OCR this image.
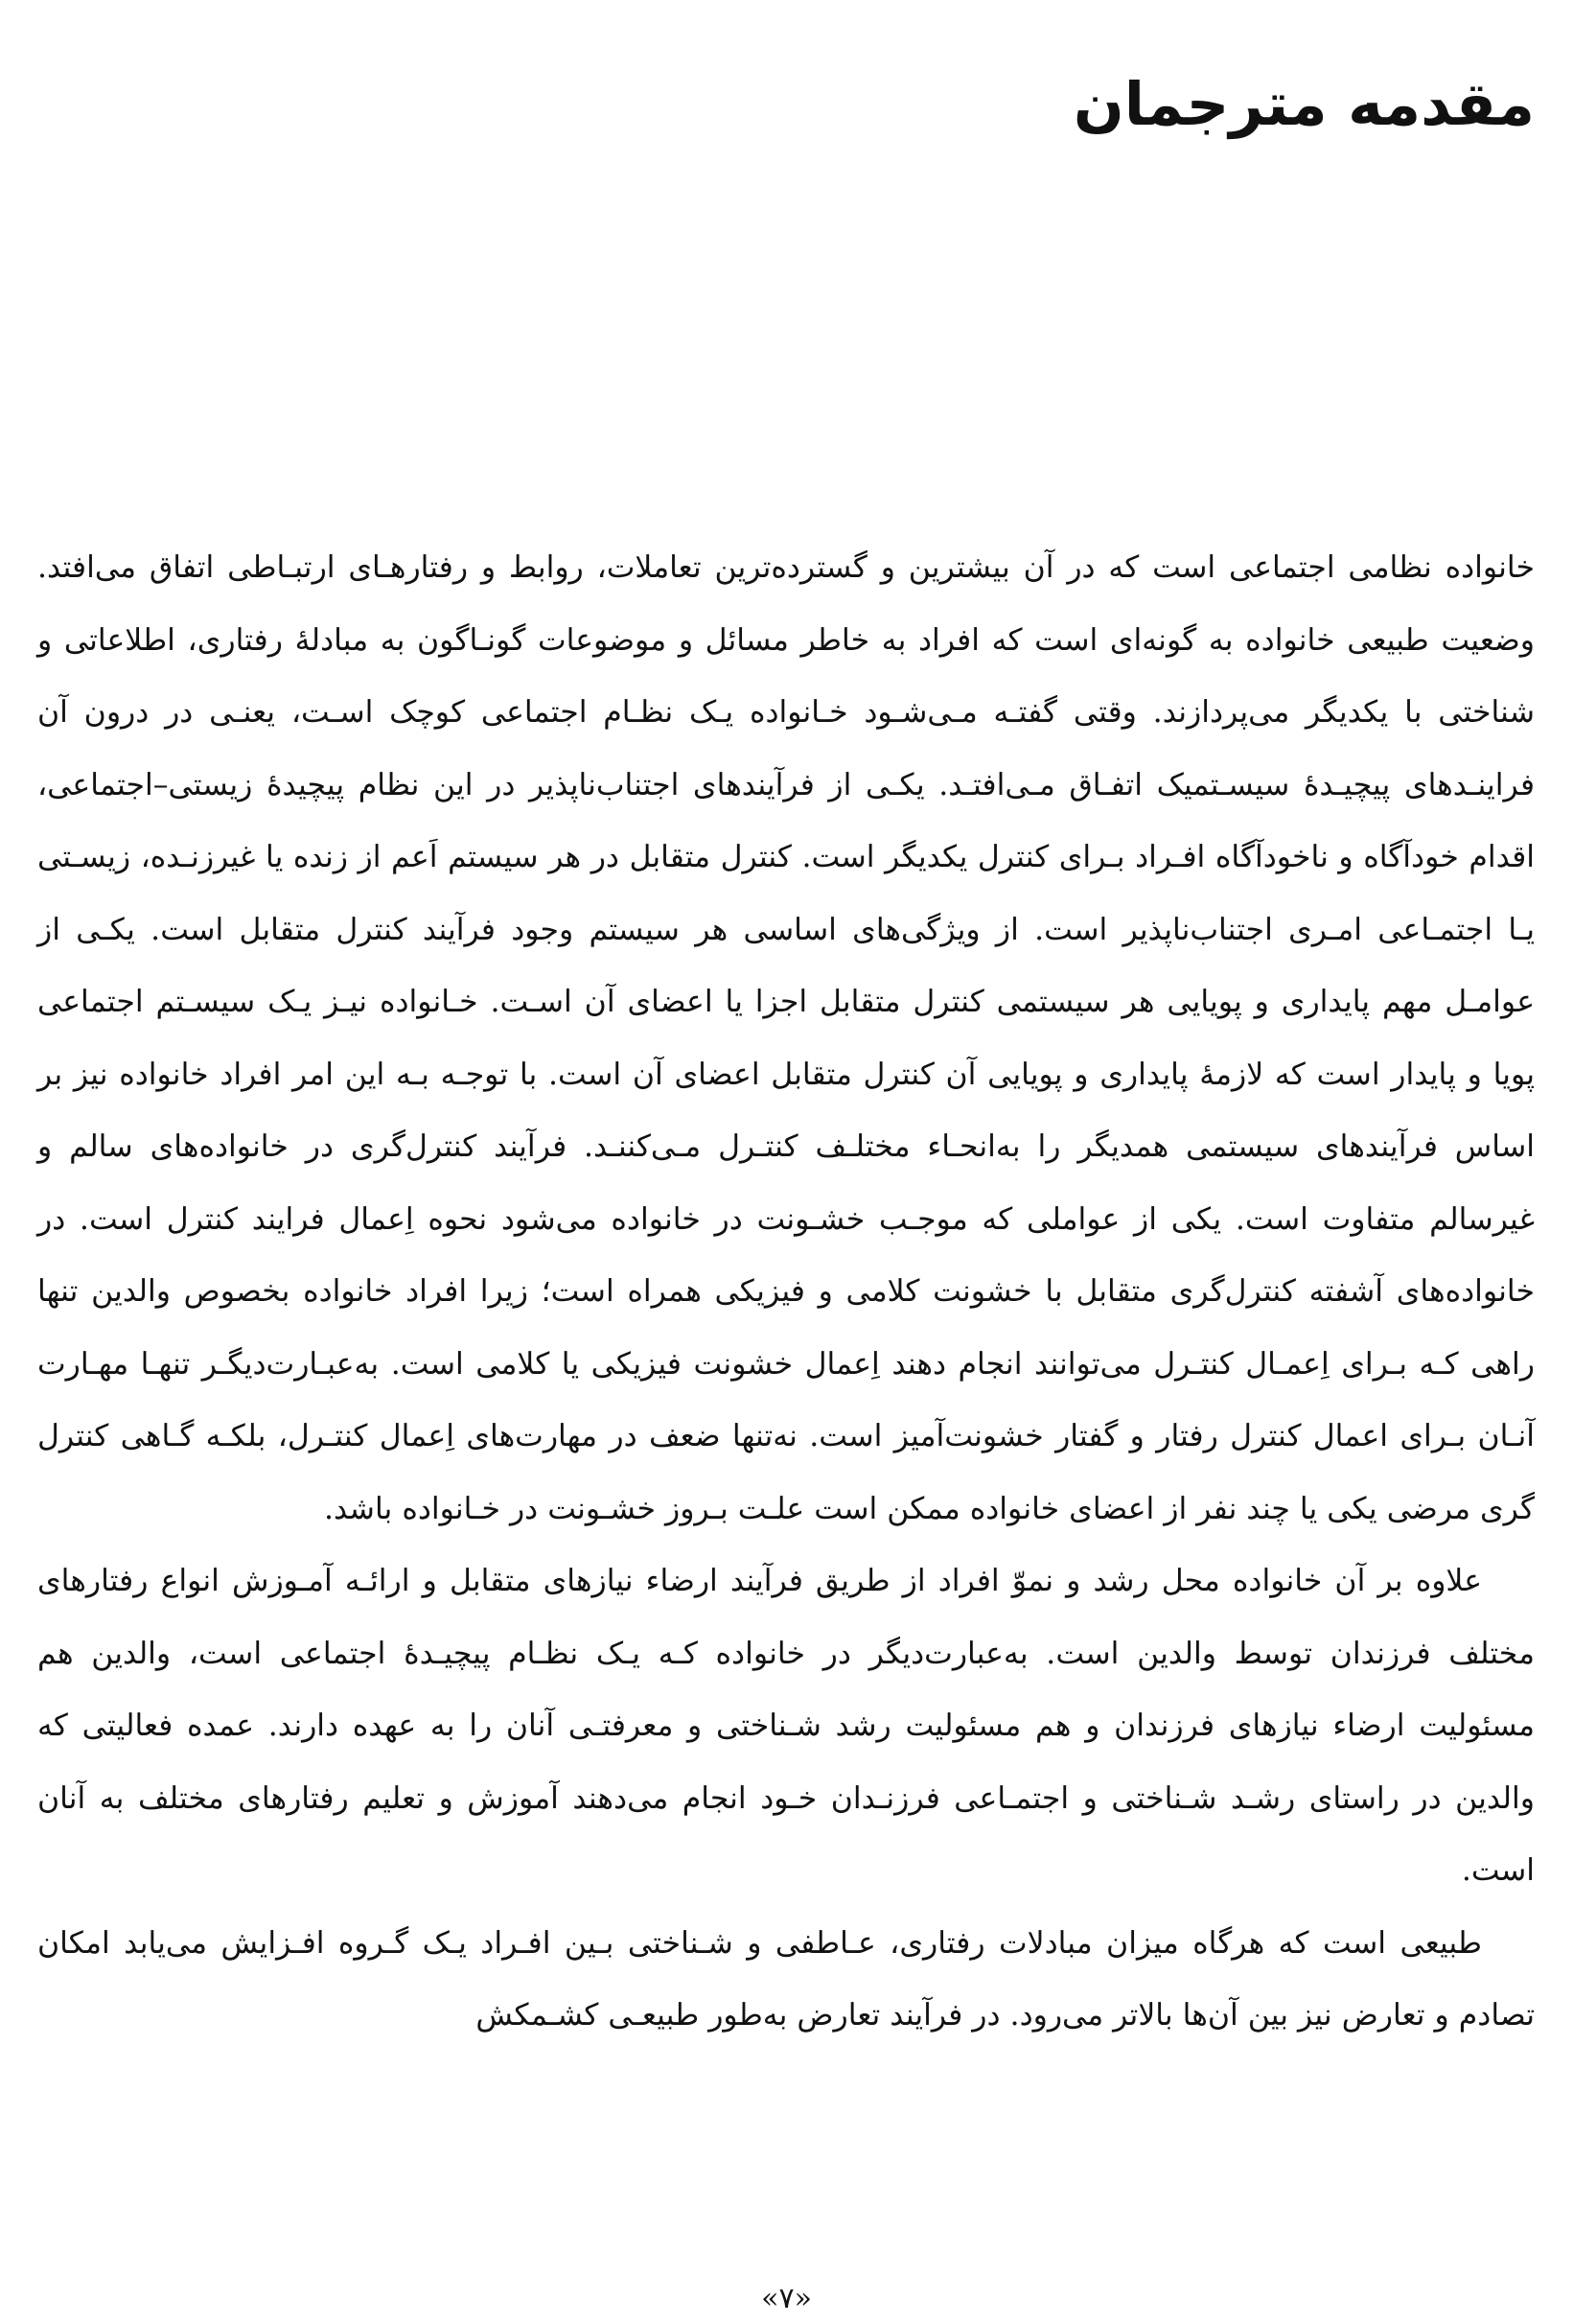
مقدمه مترجمان

خانواده نظامی اجتماعی است که در آن بیشترین و گسترده‌ترین تعاملات، روابط و رفتارهـای ارتبـاطی اتفاق می‌افتد. وضعیت طبیعی خانواده به گونه‌ای است که افراد به خاطر مسائل و موضوعات گونـاگون به مبادلهٔ رفتاری، اطلاعاتی و شناختی با یکدیگر می‌پردازند. وقتی گفتـه مـی‌شـود خـانواده یـک نظـام اجتماعی کوچک اسـت، یعنـی در درون آن فراینـدهای پیچیـدهٔ سیسـتمیک اتفـاق مـی‌افتـد. یکـی از فرآیندهای اجتناب‌ناپذیر در این نظام پیچیدهٔ زیستی–اجتماعی، اقدام خودآگاه و ناخودآگاه افـراد بـرای کنترل یکدیگر است. کنترل متقابل در هر سیستم اَعم از زنده یا غیرزنـده، زیسـتی یـا اجتمـاعی امـری اجتناب‌ناپذیر است. از ویژگی‌های اساسی هر سیستم وجود فرآیند کنترل متقابل است. یکـی از عوامـل مهم پایداری و پویایی هر سیستمی کنترل متقابل اجزا یا اعضای آن اسـت. خـانواده نیـز یـک سیسـتم اجتماعی پویا و پایدار است که لازمهٔ پایداری و پویایی آن کنترل متقابل اعضای آن است. با توجـه بـه این امر افراد خانواده نیز بر اساس فرآیندهای سیستمی همدیگر را به‌انحـاء مختلـف کنتـرل مـی‌کننـد. فرآیند کنترل‌گری در خانواده‌های سالم و غیرسالم متفاوت است. یکی از عواملی که موجـب خشـونت در خانواده می‌شود نحوه اِعمال فرایند کنترل است. در خانواده‌های آشفته کنترل‌گری متقابل با خشونت کلامی و فیزیکی همراه است؛ زیرا افراد خانواده بخصوص والدین تنها راهی کـه بـرای اِعمـال کنتـرل می‌توانند انجام دهند اِعمال خشونت فیزیکی یا کلامی است. به‌عبـارت‌دیگـر تنهـا مهـارت آنـان بـرای اعمال کنترل رفتار و گفتار خشونت‌آمیز است. نه‌تنها ضعف در مهارت‌های اِعمال کنتـرل، بلکـه گـاهی کنترل گری مرضی یکی یا چند نفر از اعضای خانواده ممکن است علـت بـروز خشـونت در خـانواده باشد.

علاوه بر آن خانواده محل رشد و نموّ افراد از طریق فرآیند ارضاء نیازهای متقابل و ارائـه آمـوزش انواع رفتارهای مختلف فرزندان توسط والدین است. به‌عبارت‌دیگر در خانواده کـه یـک نظـام پیچیـدهٔ اجتماعی است، والدین هم مسئولیت ارضاء نیازهای فرزندان و هم مسئولیت رشد شـناختی و معرفتـی آنان را به عهده دارند. عمده فعالیتی که والدین در راستای رشـد شـناختی و اجتمـاعی فرزنـدان خـود انجام می‌دهند آموزش و تعلیم رفتارهای مختلف به آنان است.

طبیعی است که هرگاه میزان مبادلات رفتاری، عـاطفی و شـناختی بـین افـراد یـک گـروه افـزایش می‌یابد امکان تصادم و تعارض نیز بین آن‌ها بالاتر می‌رود. در فرآیند تعارض به‌طور طبیعـی کشـمکش

«۷»
